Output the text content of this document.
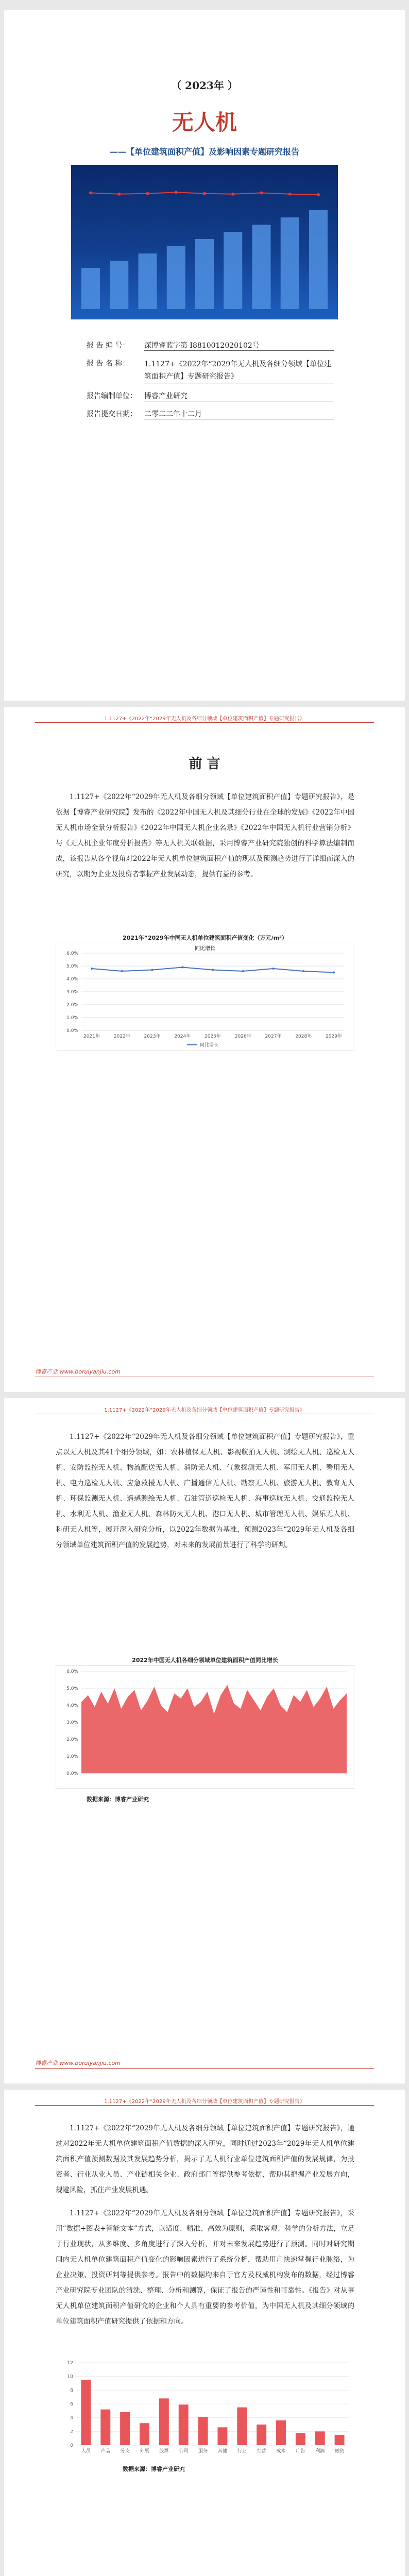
（ 2023年 ）
无人机
——【单位建筑面积产值】及影响因素专题研究报告
报 告 编 号：	深博睿蓝字第 I8810012020102号
报 告 名 称：	1.1127+《2022年“2029年无人机及各细分领域【单位建筑面积产值】专题研究报告》
报告编制单位：	博睿产业研究
报告提交日期：	二零二二年十二月
1.1127+《2022年“2029年无人机及各细分领域【单位建筑面积产值】专题研究报告》
前 言

1.1127+《2022年“2029年无人机及各细分领域【单位建筑面积产值】专题研究报告》，是依据【博睿产业研究院】发布的《2022年中国无人机及其细分行业在全球的发展》《2022年中国无人机市场全景分析报告》《2022年中国无人机企业名录》《2022年中国无人机行业营销分析》与《无人机企业年度分析报告》等无人机关联数据，采用博睿产业研究院独创的科学算法编制而成，该报告从各个视角对2022年无人机单位建筑面积产值的现状及预测趋势进行了详细而深入的研究，以期为企业及投资者掌握产业发展动态，提供有益的参考。

2021年“2029年中国无人机单位建筑面积产值变化（万元/m²）
同比增长
6.0%
5.0%
4.0%
3.0%
2.0%
1.0%
0.0%
2021年	2022年	2023年	2024年	2025年	2026年	2027年	2028年	2029年
同比增长
博睿产业 www.boruiyanjiu.com
1.1127+《2022年“2029年无人机及各细分领域【单位建筑面积产值】专题研究报告》

1.1127+《2022年“2029年无人机及各细分领域【单位建筑面积产值】专题研究报告》，重点以无人机及其41个细分领域，如：农林植保无人机、影视航拍无人机、测绘无人机、巡检无人机、安防监控无人机、物流配送无人机、消防无人机、气象探测无人机、军用无人机、警用无人机、电力巡检无人机、应急救援无人机、广播通信无人机、勘察无人机、旅游无人机、教育无人机、环保监测无人机、遥感测绘无人机、石油管道巡检无人机、海事巡航无人机、交通监控无人机、水利无人机、渔业无人机、森林防火无人机、港口无人机、城市管理无人机、娱乐无人机、科研无人机等，展开深入研究分析，以2022年数据为基准，预测2023年“2029年无人机及各细分领域单位建筑面积产值的发展趋势，对未来的发展前景进行了科学的研判。

2022年中国无人机各细分领域单位建筑面积产值同比增长
6.0%
5.0%
4.0%
3.0%
2.0%
1.0%
0.0%
数据来源：博睿产业研究
博睿产业 www.boruiyanjiu.com
1.1127+《2022年“2029年无人机及各细分领域【单位建筑面积产值】专题研究报告》

1.1127+《2022年“2029年无人机及各细分领域【单位建筑面积产值】专题研究报告》，通过对2022年无人机单位建筑面积产值数据的深入研究，同时通过2023年“2029年无人机单位建筑面积产值预测数据及其发展趋势分析，揭示了无人机行业单位建筑面积产值的发展规律，为投资者、行业从业人员、产业链相关企业、政府部门等提供参考依据，帮助其把握产业发展方向，规避风险，抓住产业发展机遇。

1.1127+《2022年“2029年无人机及各细分领域【单位建筑面积产值】专题研究报告》，采用“数据+图表+智能文本”方式，以适度、精准、高效为原则，采取客观、科学的分析方法，立足于行业现状，从多维度、多角度进行了深入分析，并对未来发展趋势进行了预测。同时对研究期间内无人机单位建筑面积产值变化的影响因素进行了系统分析，帮助用户快速掌握行业脉络，为企业决策、投资研判等提供参考。报告中的数据均来自于官方及权威机构发布的数据，经过博睿产业研究院专业团队的清洗、整理、分析和测算，保证了报告的严谨性和可靠性。《报告》对从事无人机单位建筑面积产值研究的企业和个人具有重要的参考价值，为中国无人机及其细分领域的单位建筑面积产值研究提供了依据和方向。

12
10
8
6
4
2
0
人员 产品 分支 外展 股票 公司 服务 其他 行业 经营 成本 广告 利润 融资
数据来源：博睿产业研究
